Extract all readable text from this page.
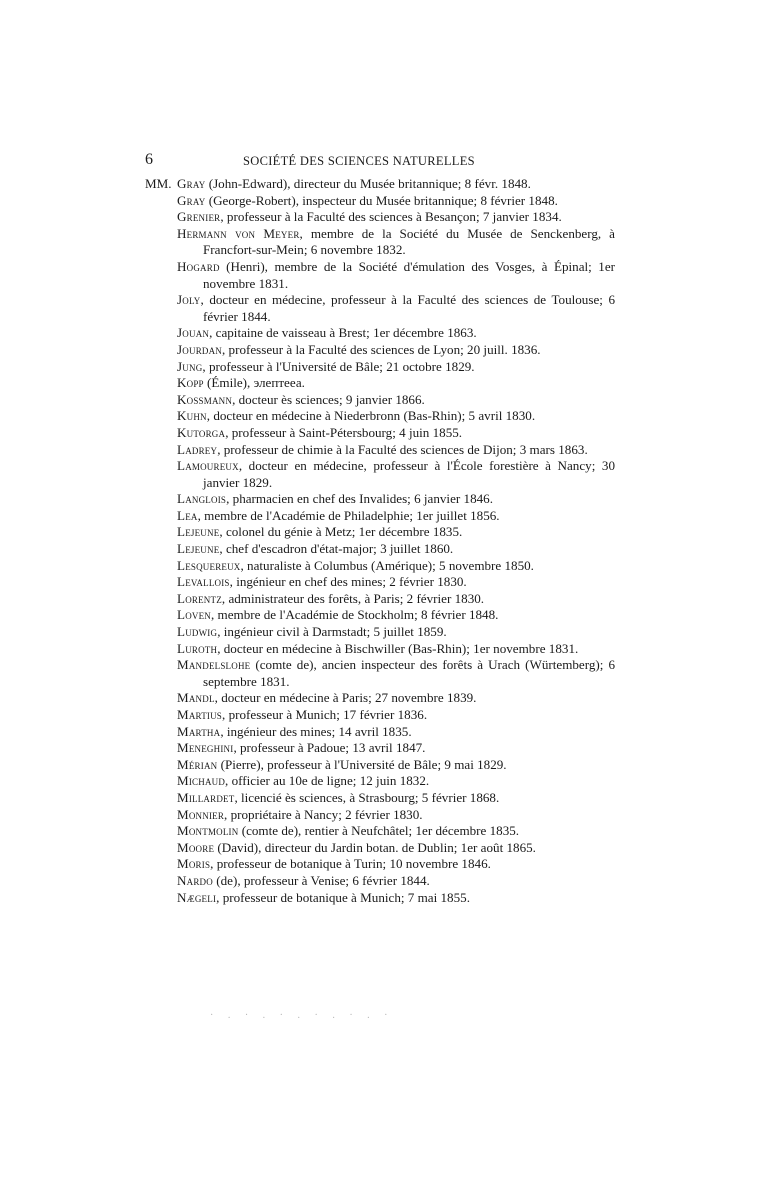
6	SOCIÉTÉ DES SCIENCES NATURELLES
MM. Gray (John-Edward), directeur du Musée britannique; 8 févr. 1848.
Gray (George-Robert), inspecteur du Musée britannique; 8 février 1848.
Grenier, professeur à la Faculté des sciences à Besançon; 7 janvier 1834.
Hermann von Meyer, membre de la Société du Musée de Senckenberg, à Francfort-sur-Mein; 6 novembre 1832.
Hogard (Henri), membre de la Société d'émulation des Vosges, à Épinal; 1er novembre 1831.
Joly, docteur en médecine, professeur à la Faculté des sciences de Toulouse; 6 février 1844.
Jouan, capitaine de vaisseau à Brest; 1er décembre 1863.
Jourdan, professeur à la Faculté des sciences de Lyon; 20 juill. 1836.
Jung, professeur à l'Université de Bâle; 21 octobre 1829.
Kopp (Émile), элептееа.
Kossmann, docteur ès sciences; 9 janvier 1866.
Kuhn, docteur en médecine à Niederbronn (Bas-Rhin); 5 avril 1830.
Kutorga, professeur à Saint-Pétersbourg; 4 juin 1855.
Ladrey, professeur de chimie à la Faculté des sciences de Dijon; 3 mars 1863.
Lamoureux, docteur en médecine, professeur à l'École forestière à Nancy; 30 janvier 1829.
Langlois, pharmacien en chef des Invalides; 6 janvier 1846.
Lea, membre de l'Académie de Philadelphie; 1er juillet 1856.
Lejeune, colonel du génie à Metz; 1er décembre 1835.
Lejeune, chef d'escadron d'état-major; 3 juillet 1860.
Lesquereux, naturaliste à Columbus (Amérique); 5 novembre 1850.
Levallois, ingénieur en chef des mines; 2 février 1830.
Lorentz, administrateur des forêts, à Paris; 2 février 1830.
Loven, membre de l'Académie de Stockholm; 8 février 1848.
Ludwig, ingénieur civil à Darmstadt; 5 juillet 1859.
Luroth, docteur en médecine à Bischwiller (Bas-Rhin); 1er novembre 1831.
Mandelslohe (comte de), ancien inspecteur des forêts à Urach (Würtemberg); 6 septembre 1831.
Mandl, docteur en médecine à Paris; 27 novembre 1839.
Martius, professeur à Munich; 17 février 1836.
Martha, ingénieur des mines; 14 avril 1835.
Meneghini, professeur à Padoue; 13 avril 1847.
Mérian (Pierre), professeur à l'Université de Bâle; 9 mai 1829.
Michaud, officier au 10e de ligne; 12 juin 1832.
Millardet, licencié ès sciences, à Strasbourg; 5 février 1868.
Monnier, propriétaire à Nancy; 2 février 1830.
Montmolin (comte de), rentier à Neufchâtel; 1er décembre 1835.
Moore (David), directeur du Jardin botan. de Dublin; 1er août 1865.
Moris, professeur de botanique à Turin; 10 novembre 1846.
Nardo (de), professeur à Venise; 6 février 1844.
Nægeli, professeur de botanique à Munich; 7 mai 1855.
· . · . · . · . · . ·
